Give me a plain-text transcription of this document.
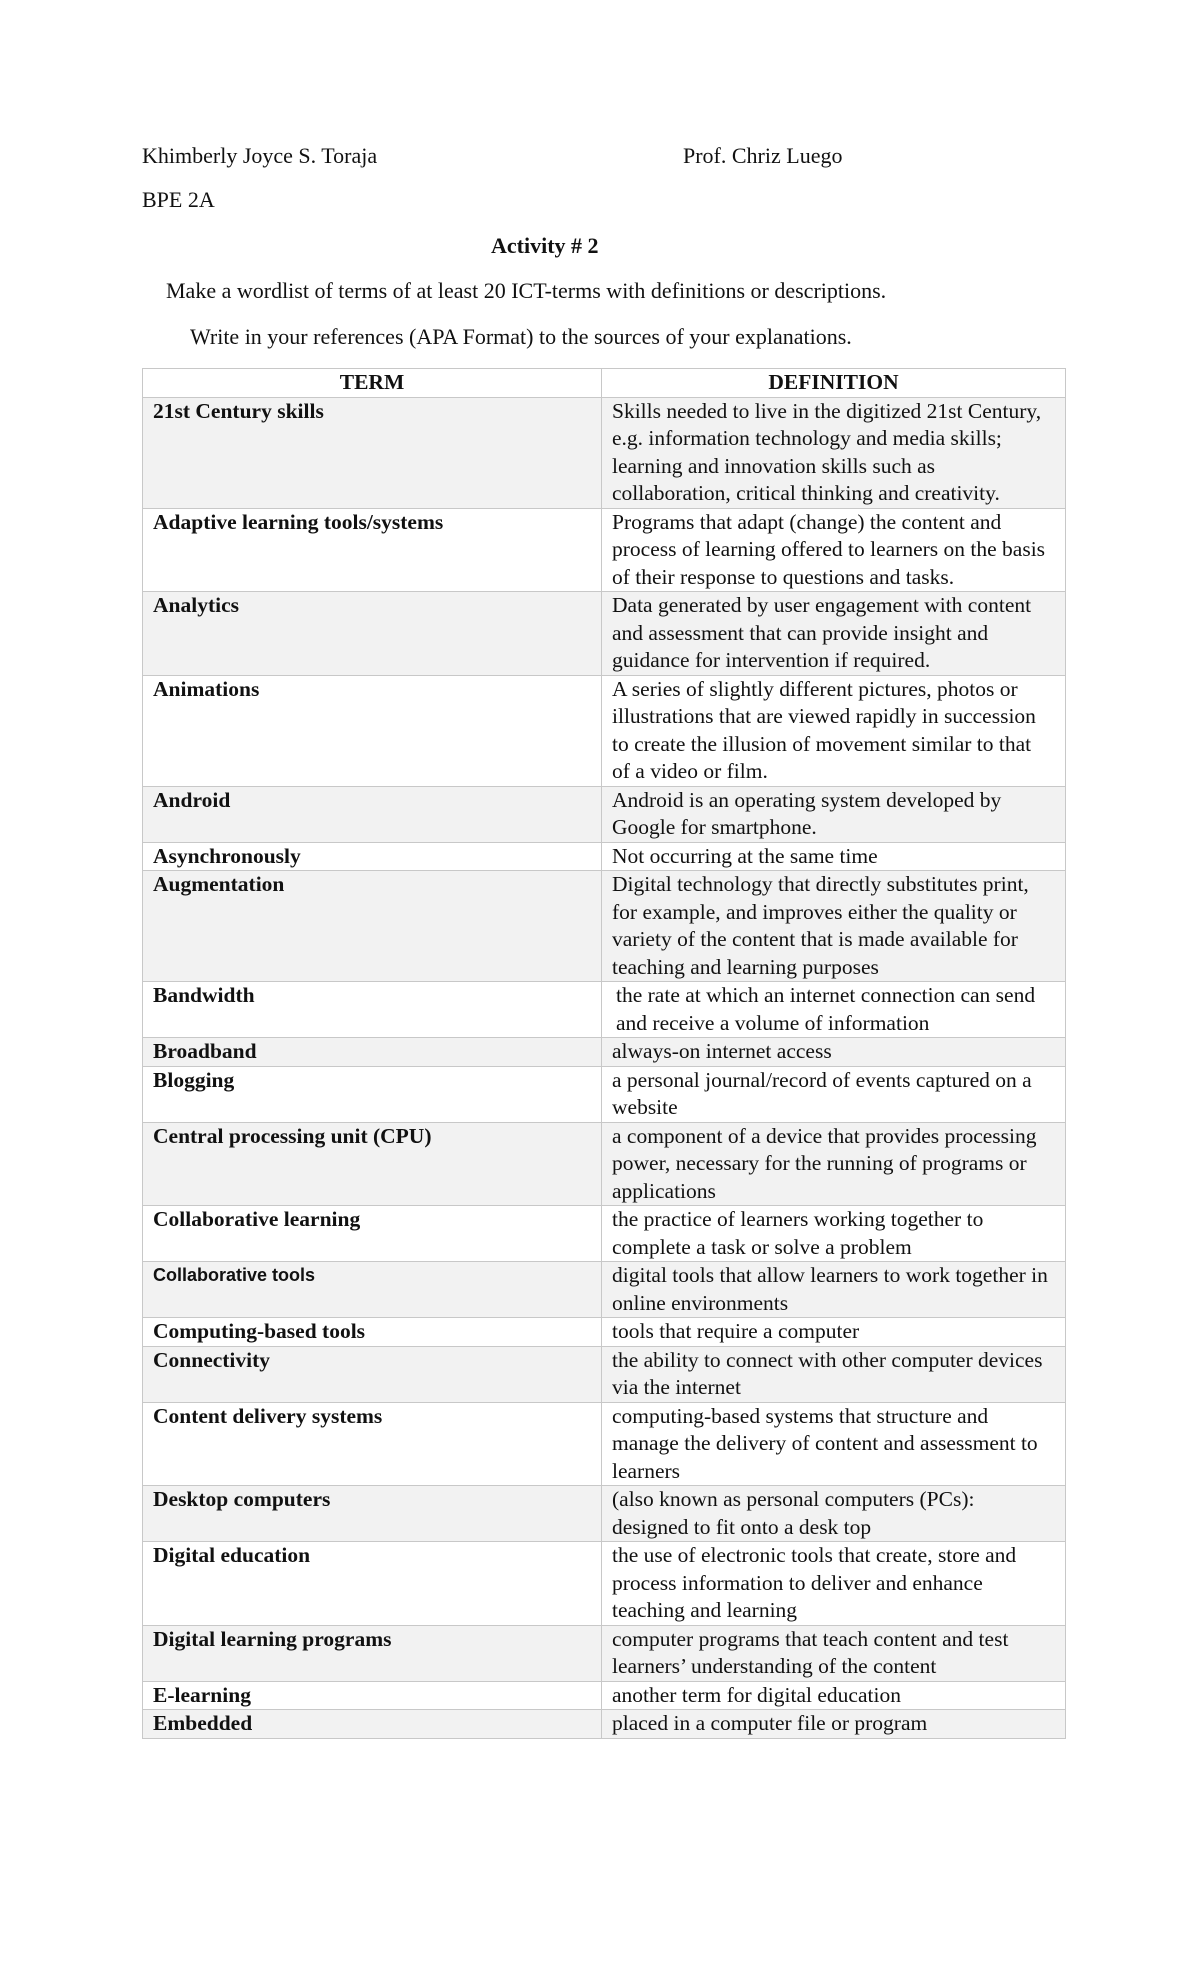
Khimberly Joyce S. Toraja	Prof. Chriz Luego
BPE 2A
Activity # 2
Make a wordlist of terms of at least 20 ICT-terms with definitions or descriptions.
Write in your references (APA Format) to the sources of your explanations.
TERM	DEFINITION
21st Century skills	Skills needed to live in the digitized 21st Century, e.g. information technology and media skills; learning and innovation skills such as collaboration, critical thinking and creativity.
Adaptive learning tools/systems	Programs that adapt (change) the content and process of learning offered to learners on the basis of their response to questions and tasks.
Analytics	Data generated by user engagement with content and assessment that can provide insight and guidance for intervention if required.
Animations	A series of slightly different pictures, photos or illustrations that are viewed rapidly in succession to create the illusion of movement similar to that of a video or film.
Android	Android is an operating system developed by Google for smartphone.
Asynchronously	Not occurring at the same time
Augmentation	Digital technology that directly substitutes print, for example, and improves either the quality or variety of the content that is made available for teaching and learning purposes
Bandwidth	the rate at which an internet connection can send and receive a volume of information
Broadband	always-on internet access
Blogging	a personal journal/record of events captured on a website
Central processing unit (CPU)	a component of a device that provides processing power, necessary for the running of programs or applications
Collaborative learning	the practice of learners working together to complete a task or solve a problem
Collaborative tools	digital tools that allow learners to work together in online environments
Computing-based tools	tools that require a computer
Connectivity	the ability to connect with other computer devices via the internet
Content delivery systems	computing-based systems that structure and manage the delivery of content and assessment to learners
Desktop computers	(also known as personal computers (PCs): designed to fit onto a desk top
Digital education	the use of electronic tools that create, store and process information to deliver and enhance teaching and learning
Digital learning programs	computer programs that teach content and test learners’ understanding of the content
E-learning	another term for digital education
Embedded	placed in a computer file or program
